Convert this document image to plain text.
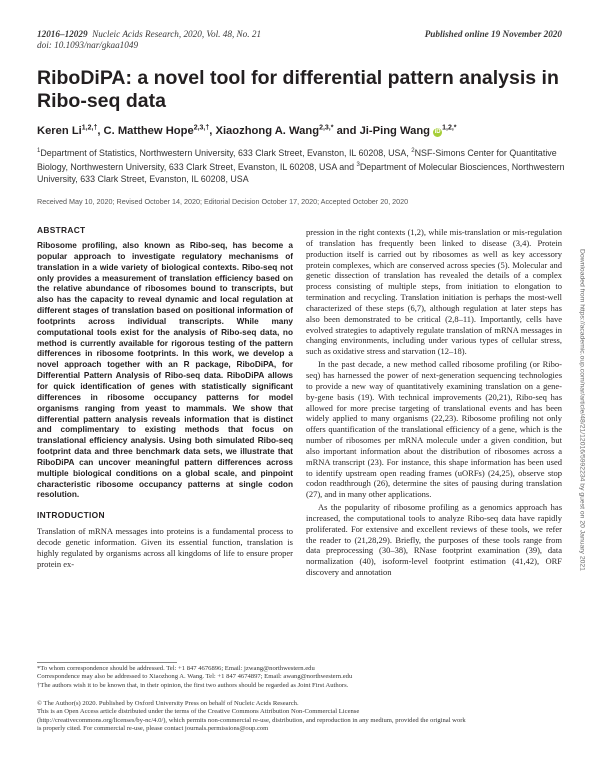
12016–12029 Nucleic Acids Research, 2020, Vol. 48, No. 21	Published online 19 November 2020
doi: 10.1093/nar/gkaa1049
RiboDiPA: a novel tool for differential pattern analysis in Ribo-seq data
Keren $Li^{1,2,\dagger}$, C. Matthew Hope$^{2,3,\dagger}$, Xiaozhong A. Wang$^{2,3,*}$ and Ji-Ping Wang $iD^{1,2,*}$
$^1$Department of Statistics, Northwestern University, 633 Clark Street, Evanston, IL 60208, USA, $^2$NSF-Simons Center for Quantitative Biology, Northwestern University, 633 Clark Street, Evanston, IL 60208, USA and $^3$Department of Molecular Biosciences, Northwestern University, 633 Clark Street, Evanston, IL 60208, USA
Received May 10, 2020; Revised October 14, 2020; Editorial Decision October 17, 2020; Accepted October 20, 2020
ABSTRACT

Ribosome profiling, also known as Ribo-seq, has become a popular approach to investigate regulatory mechanisms of translation in a wide variety of biological contexts. Ribo-seq not only provides a measurement of translation efficiency based on the relative abundance of ribosomes bound to transcripts, but also has the capacity to reveal dynamic and local regulation at different stages of translation based on positional information of footprints across individual transcripts. While many computational tools exist for the analysis of Ribo-seq data, no method is currently available for rigorous testing of the pattern differences in ribosome footprints. In this work, we develop a novel approach together with an R package, RiboDiPA, for Differential Pattern Analysis of Ribo-seq data. RiboDiPA allows for quick identification of genes with statistically significant differences in ribosome occupancy patterns for model organisms ranging from yeast to mammals. We show that differential pattern analysis reveals information that is distinct and complimentary to existing methods that focus on translational efficiency analysis. Using both simulated Ribo-seq footprint data and three benchmark data sets, we illustrate that RiboDiPA can uncover meaningful pattern differences across multiple biological conditions on a global scale, and pinpoint characteristic ribosome occupancy patterns at single codon resolution.

INTRODUCTION

Translation of mRNA messages into proteins is a fundamental process to decode genetic information. Given its essential function, translation is highly regulated by organisms across all kingdoms of life to ensure proper protein ex-

pression in the right contexts (1,2), while mis-translation or mis-regulation of translation has frequently been linked to disease (3,4). Protein production itself is carried out by ribosomes as well as key accessory protein complexes, which are conserved across species (5). Molecular and genetic dissection of translation has revealed the details of a complex process consisting of multiple steps, from initiation to elongation to termination and recycling. Translation initiation is perhaps the most-well characterized of these steps (6,7), although regulation at later steps has also been demonstrated to be critical (2,8–11). Importantly, cells have evolved strategies to adaptively regulate translation of mRNA messages in changing environments, including under various types of cellular stress, such as oxidative stress and starvation (12–18).

In the past decade, a new method called ribosome profiling (or Ribo-seq) has harnessed the power of next-generation sequencing technologies to provide a new way of quantitatively examining translation on a gene-by-gene basis (19). With technical improvements (20,21), Ribo-seq has allowed for more precise targeting of translational events and has been widely applied to many organisms (22,23). Ribosome profiling not only offers quantification of the translational efficiency of a gene, which is the number of ribosomes per mRNA molecule under a given condition, but also important information about the distribution of ribosomes across a mRNA transcript (23). For instance, this shape information has been used to identify upstream open reading frames (uORFs) (24,25), observe stop codon readthrough (26), determine the sites of pausing during translation (27), and in many other applications.

As the popularity of ribosome profiling as a genomics approach has increased, the computational tools to analyze Ribo-seq data have rapidly proliferated. For extensive and excellent reviews of these tools, we refer the reader to (21,28,29). Briefly, the purposes of these tools range from data preprocessing (30–38), RNase footprint examination (39), data normalization (40), isoform-level footprint estimation (41,42), ORF discovery and annotation

*To whom correspondence should be addressed. Tel: +1 847 4676896; Email: jzwang@northwestern.edu

Correspondence may also be addressed to Xiaozhong A. Wang. Tel: +1 847 4674897; Email: awang@northwestern.edu

†The authors wish it to be known that, in their opinion, the first two authors should be regarded as Joint First Authors.

© The Author(s) 2020. Published by Oxford University Press on behalf of Nucleic Acids Research.

This is an Open Access article distributed under the terms of the Creative Commons Attribution Non-Commercial License

(http://creativecommons.org/licenses/by-nc/4.0/), which permits non-commercial re-use, distribution, and reproduction in any medium, provided the original work

is properly cited. For commercial re-use, please contact journals.permissions@oup.com

Downloaded from https://academic.oup.com/nar/article/48/21/12016/5992234 by guest on 20 January 2021
